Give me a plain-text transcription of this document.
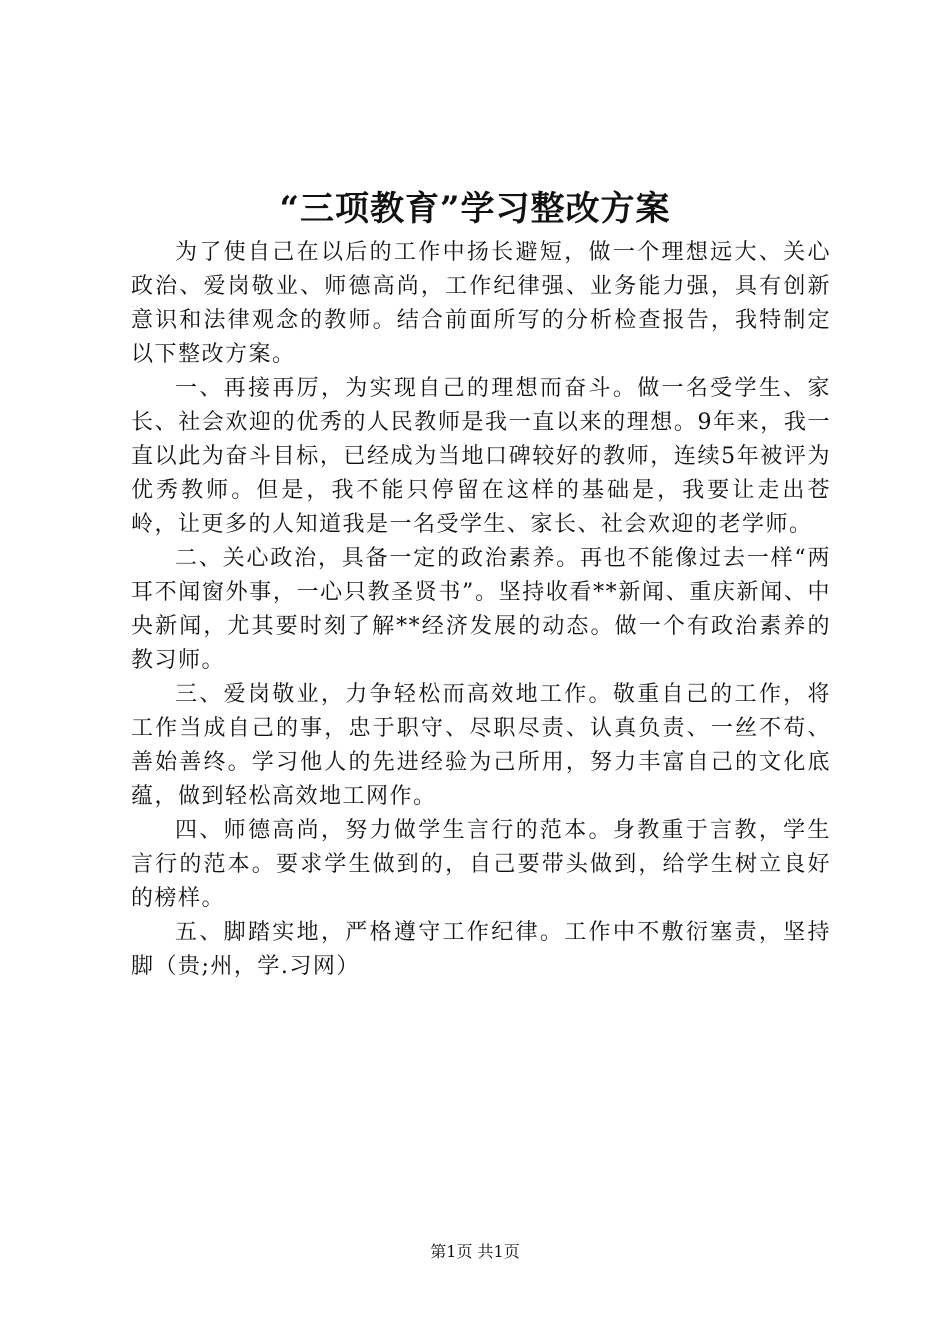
“三项教育”学习整改方案

为了使自己在以后的工作中扬长避短，做一个理想远大、关心政治、爱岗敬业、师德高尚，工作纪律强、业务能力强，具有创新意识和法律观念的教师。结合前面所写的分析检查报告，我特制定以下整改方案。

一、再接再厉，为实现自己的理想而奋斗。做一名受学生、家长、社会欢迎的优秀的人民教师是我一直以来的理想。9年来，我一直以此为奋斗目标，已经成为当地口碑较好的教师，连续5年被评为优秀教师。但是，我不能只停留在这样的基础是，我要让走出苍岭，让更多的人知道我是一名受学生、家长、社会欢迎的老学师。

二、关心政治，具备一定的政治素养。再也不能像过去一样“两耳不闻窗外事，一心只教圣贤书”。坚持收看**新闻、重庆新闻、中央新闻，尤其要时刻了解**经济发展的动态。做一个有政治素养的教习师。

三、爱岗敬业，力争轻松而高效地工作。敬重自己的工作，将工作当成自己的事，忠于职守、尽职尽责、认真负责、一丝不苟、善始善终。学习他人的先进经验为己所用，努力丰富自己的文化底蕴，做到轻松高效地工网作。

四、师德高尚，努力做学生言行的范本。身教重于言教，学生言行的范本。要求学生做到的，自己要带头做到，给学生树立良好的榜样。

五、脚踏实地，严格遵守工作纪律。工作中不敷衍塞责，坚持脚（贵;州，学.习网）

第1页 共1页
